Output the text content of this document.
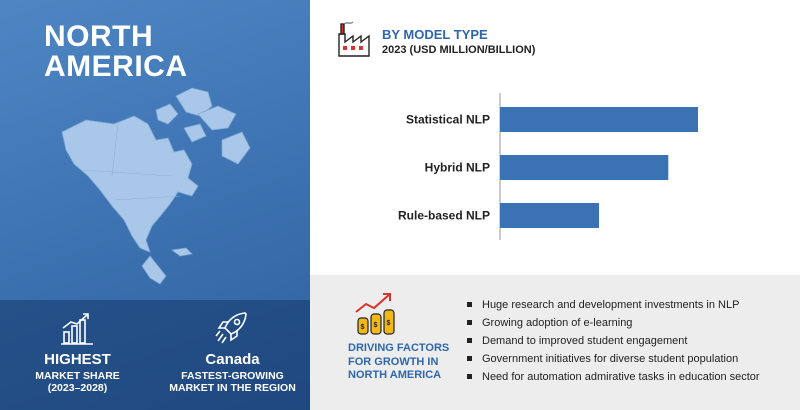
NORTH
AMERICA
HIGHEST
MARKET SHARE
(2023–2028)
Canada
FASTEST-GROWING
MARKET IN THE REGION
BY MODEL TYPE
2023 (USD MILLION/BILLION)
Statistical NLP
Hybrid NLP
Rule-based NLP
$ $ $
DRIVING FACTORS
FOR GROWTH IN
NORTH AMERICA
Huge research and development investments in NLP
Growing adoption of e-learning
Demand to improved student engagement
Government initiatives for diverse student population
Need for automation admirative tasks in education sector
